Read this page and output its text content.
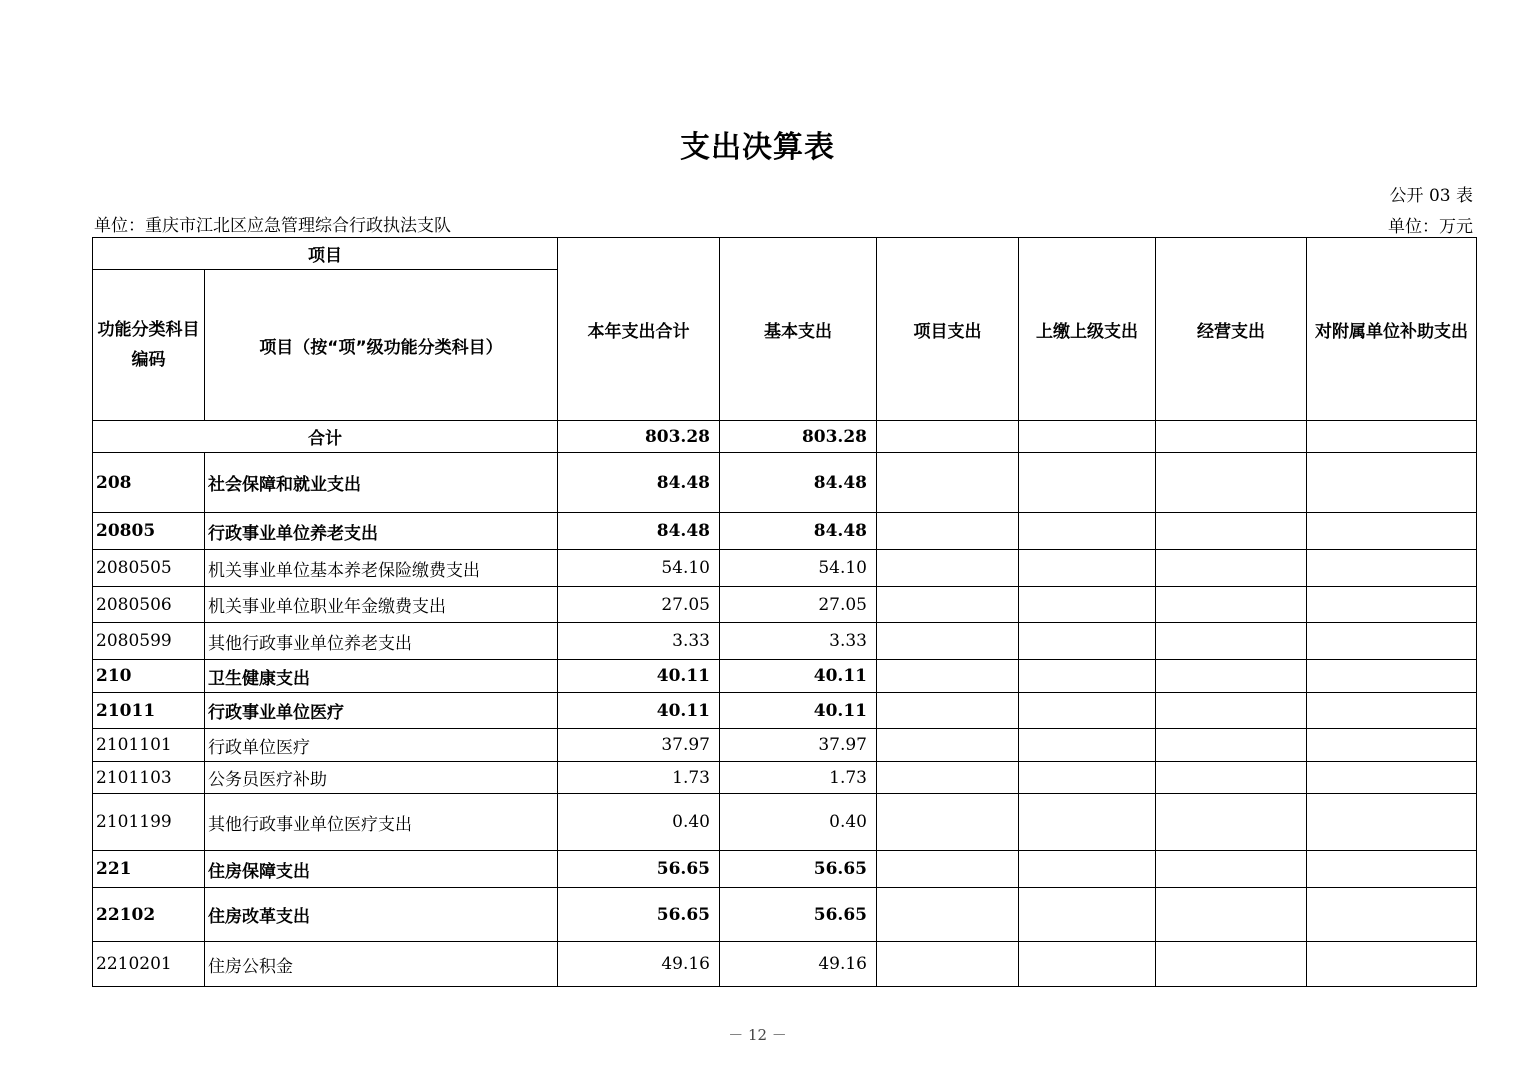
支出决算表
公开 03 表
单位：重庆市江北区应急管理综合行政执法支队	单位：万元
项目		本年支出合计	基本支出	项目支出	上缴上级支出	经营支出	对附属单位补助支出
功能分类科目编码	项目（按“项”级功能分类科目）						
合计		803.28	803.28				
208	社会保障和就业支出	84.48	84.48				
20805	行政事业单位养老支出	84.48	84.48				
2080505	机关事业单位基本养老保险缴费支出	54.10	54.10				
2080506	机关事业单位职业年金缴费支出	27.05	27.05				
2080599	其他行政事业单位养老支出	3.33	3.33				
210	卫生健康支出	40.11	40.11				
21011	行政事业单位医疗	40.11	40.11				
2101101	行政单位医疗	37.97	37.97				
2101103	公务员医疗补助	1.73	1.73				
2101199	其他行政事业单位医疗支出	0.40	0.40				
221	住房保障支出	56.65	56.65				
22102	住房改革支出	56.65	56.65				
2210201	住房公积金	49.16	49.16				
－ 12 －
